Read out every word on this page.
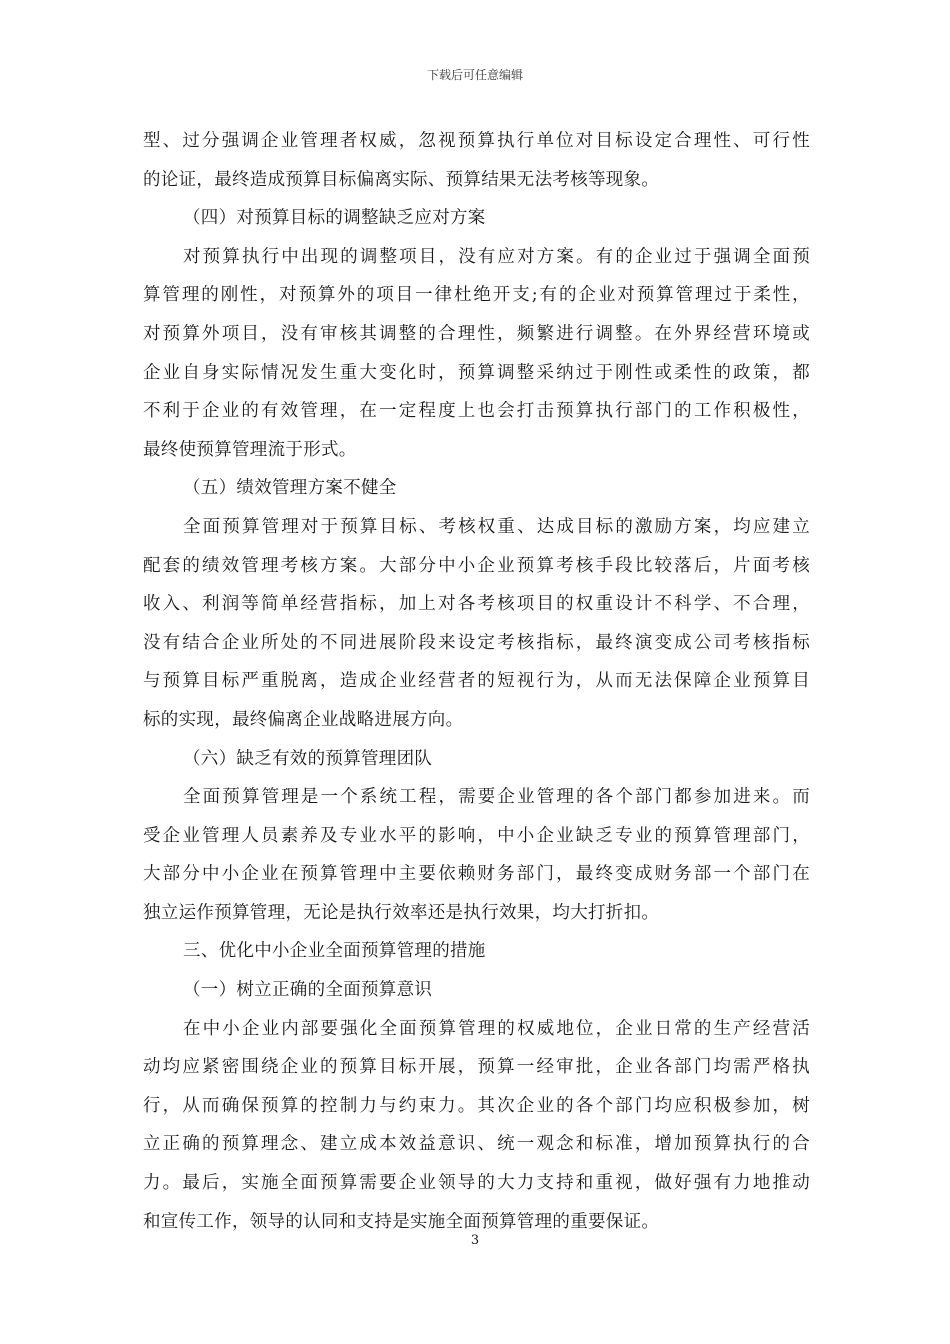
下载后可任意编辑
型、过分强调企业管理者权威，忽视预算执行单位对目标设定合理性、可行性
的论证，最终造成预算目标偏离实际、预算结果无法考核等现象。
（四）对预算目标的调整缺乏应对方案
对预算执行中出现的调整项目，没有应对方案。有的企业过于强调全面预
算管理的刚性，对预算外的项目一律杜绝开支;有的企业对预算管理过于柔性，
对预算外项目，没有审核其调整的合理性，频繁进行调整。在外界经营环境或
企业自身实际情况发生重大变化时，预算调整采纳过于刚性或柔性的政策，都
不利于企业的有效管理，在一定程度上也会打击预算执行部门的工作积极性，
最终使预算管理流于形式。
（五）绩效管理方案不健全
全面预算管理对于预算目标、考核权重、达成目标的激励方案，均应建立
配套的绩效管理考核方案。大部分中小企业预算考核手段比较落后，片面考核
收入、利润等简单经营指标，加上对各考核项目的权重设计不科学、不合理，
没有结合企业所处的不同进展阶段来设定考核指标，最终演变成公司考核指标
与预算目标严重脱离，造成企业经营者的短视行为，从而无法保障企业预算目
标的实现，最终偏离企业战略进展方向。
（六）缺乏有效的预算管理团队
全面预算管理是一个系统工程，需要企业管理的各个部门都参加进来。而
受企业管理人员素养及专业水平的影响，中小企业缺乏专业的预算管理部门，
大部分中小企业在预算管理中主要依赖财务部门，最终变成财务部一个部门在
独立运作预算管理，无论是执行效率还是执行效果，均大打折扣。
三、优化中小企业全面预算管理的措施
（一）树立正确的全面预算意识
在中小企业内部要强化全面预算管理的权威地位，企业日常的生产经营活
动均应紧密围绕企业的预算目标开展，预算一经审批，企业各部门均需严格执
行，从而确保预算的控制力与约束力。其次企业的各个部门均应积极参加，树
立正确的预算理念、建立成本效益意识、统一观念和标准，增加预算执行的合
力。最后，实施全面预算需要企业领导的大力支持和重视，做好强有力地推动
和宣传工作，领导的认同和支持是实施全面预算管理的重要保证。
3
